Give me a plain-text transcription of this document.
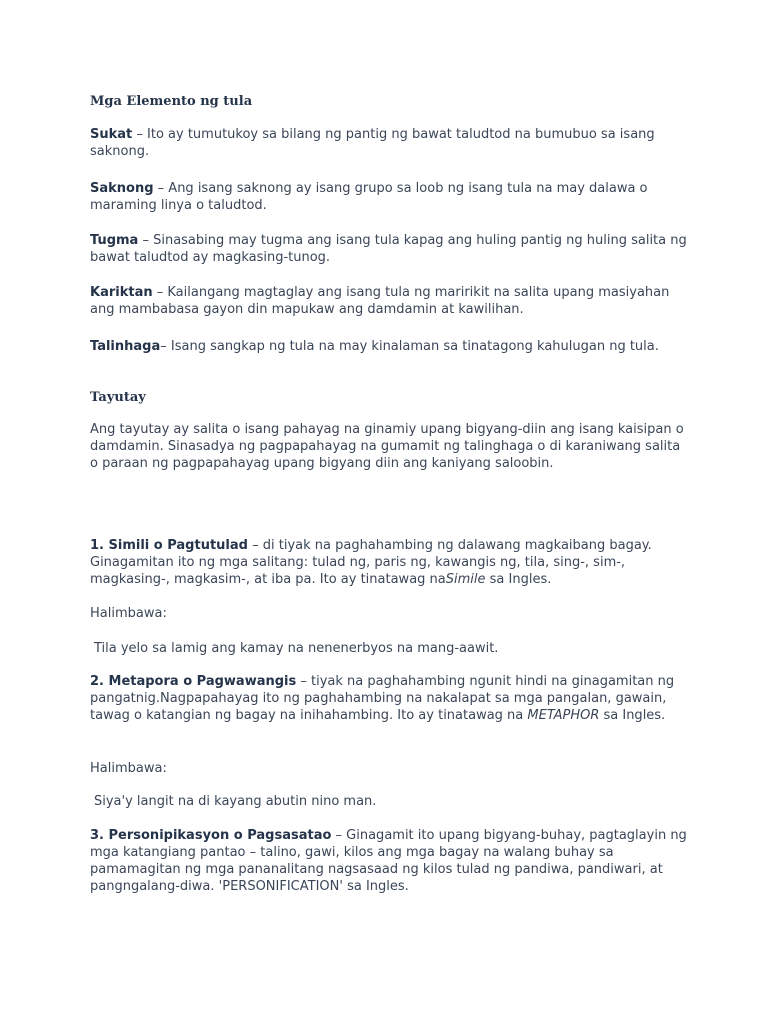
Mga Elemento ng tula

Sukat – Ito ay tumutukoy sa bilang ng pantig ng bawat taludtod na bumubuo sa isang saknong.

Saknong – Ang isang saknong ay isang grupo sa loob ng isang tula na may dalawa o maraming linya o taludtod.

Tugma – Sinasabing may tugma ang isang tula kapag ang huling pantig ng huling salita ng bawat taludtod ay magkasing-tunog.

Kariktan – Kailangang magtaglay ang isang tula ng maririkit na salita upang masiyahan ang mambabasa gayon din mapukaw ang damdamin at kawilihan.

Talinhaga– Isang sangkap ng tula na may kinalaman sa tinatagong kahulugan ng tula.

Tayutay

Ang tayutay ay salita o isang pahayag na ginamiy upang bigyang-diin ang isang kaisipan o damdamin. Sinasadya ng pagpapahayag na gumamit ng talinghaga o di karaniwang salita o paraan ng pagpapahayag upang bigyang diin ang kaniyang saloobin.

1. Simili o Pagtutulad – di tiyak na paghahambing ng dalawang magkaibang bagay. Ginagamitan ito ng mga salitang: tulad ng, paris ng, kawangis ng, tila, sing-, sim-, magkasing-, magkasim-, at iba pa. Ito ay tinatawag naSimile sa Ingles.

Halimbawa:

Tila yelo sa lamig ang kamay na nenenerbyos na mang-aawit.

2. Metapora o Pagwawangis – tiyak na paghahambing ngunit hindi na ginagamitan ng pangatnig.Nagpapahayag ito ng paghahambing na nakalapat sa mga pangalan, gawain, tawag o katangian ng bagay na inihahambing. Ito ay tinatawag na METAPHOR sa Ingles.

Halimbawa:

Siya'y langit na di kayang abutin nino man.

3. Personipikasyon o Pagsasatao – Ginagamit ito upang bigyang-buhay, pagtaglayin ng mga katangiang pantao – talino, gawi, kilos ang mga bagay na walang buhay sa pamamagitan ng mga pananalitang nagsasaad ng kilos tulad ng pandiwa, pandiwari, at pangngalang-diwa. 'PERSONIFICATION' sa Ingles.
